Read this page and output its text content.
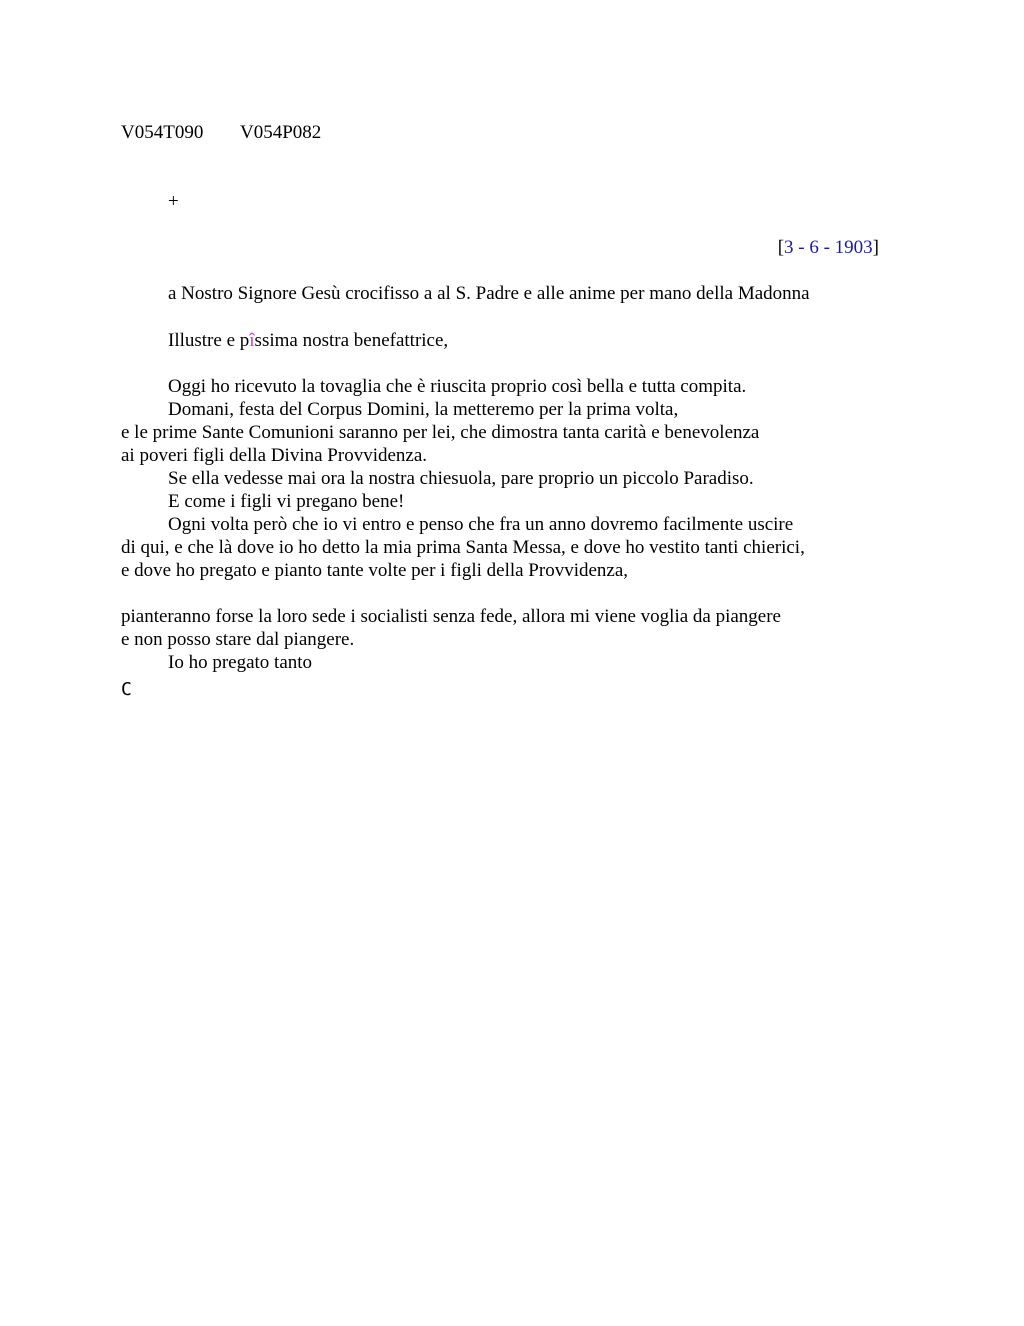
V054T090 V054P082
+
[3 - 6 - 1903]
a Nostro Signore Gesù crocifisso a al S. Padre e alle anime per mano della Madonna
Illustre e pîssima nostra benefattrice,
Oggi ho ricevuto la tovaglia che è riuscita proprio così bella e tutta compita.
Domani, festa del Corpus Domini, la metteremo per la prima volta,
e le prime Sante Comunioni saranno per lei, che dimostra tanta carità e benevolenza
ai poveri figli della Divina Provvidenza.
Se ella vedesse mai ora la nostra chiesuola, pare proprio un piccolo Paradiso.
E come i figli vi pregano bene!
Ogni volta però che io vi entro e penso che fra un anno dovremo facilmente uscire
di qui, e che là dove io ho detto la mia prima Santa Messa, e dove ho vestito tanti chierici,
e dove ho pregato e pianto tante volte per i figli della Provvidenza,
pianteranno forse la loro sede i socialisti senza fede, allora mi viene voglia da piangere
e non posso stare dal piangere.
Io ho pregato tanto
C
